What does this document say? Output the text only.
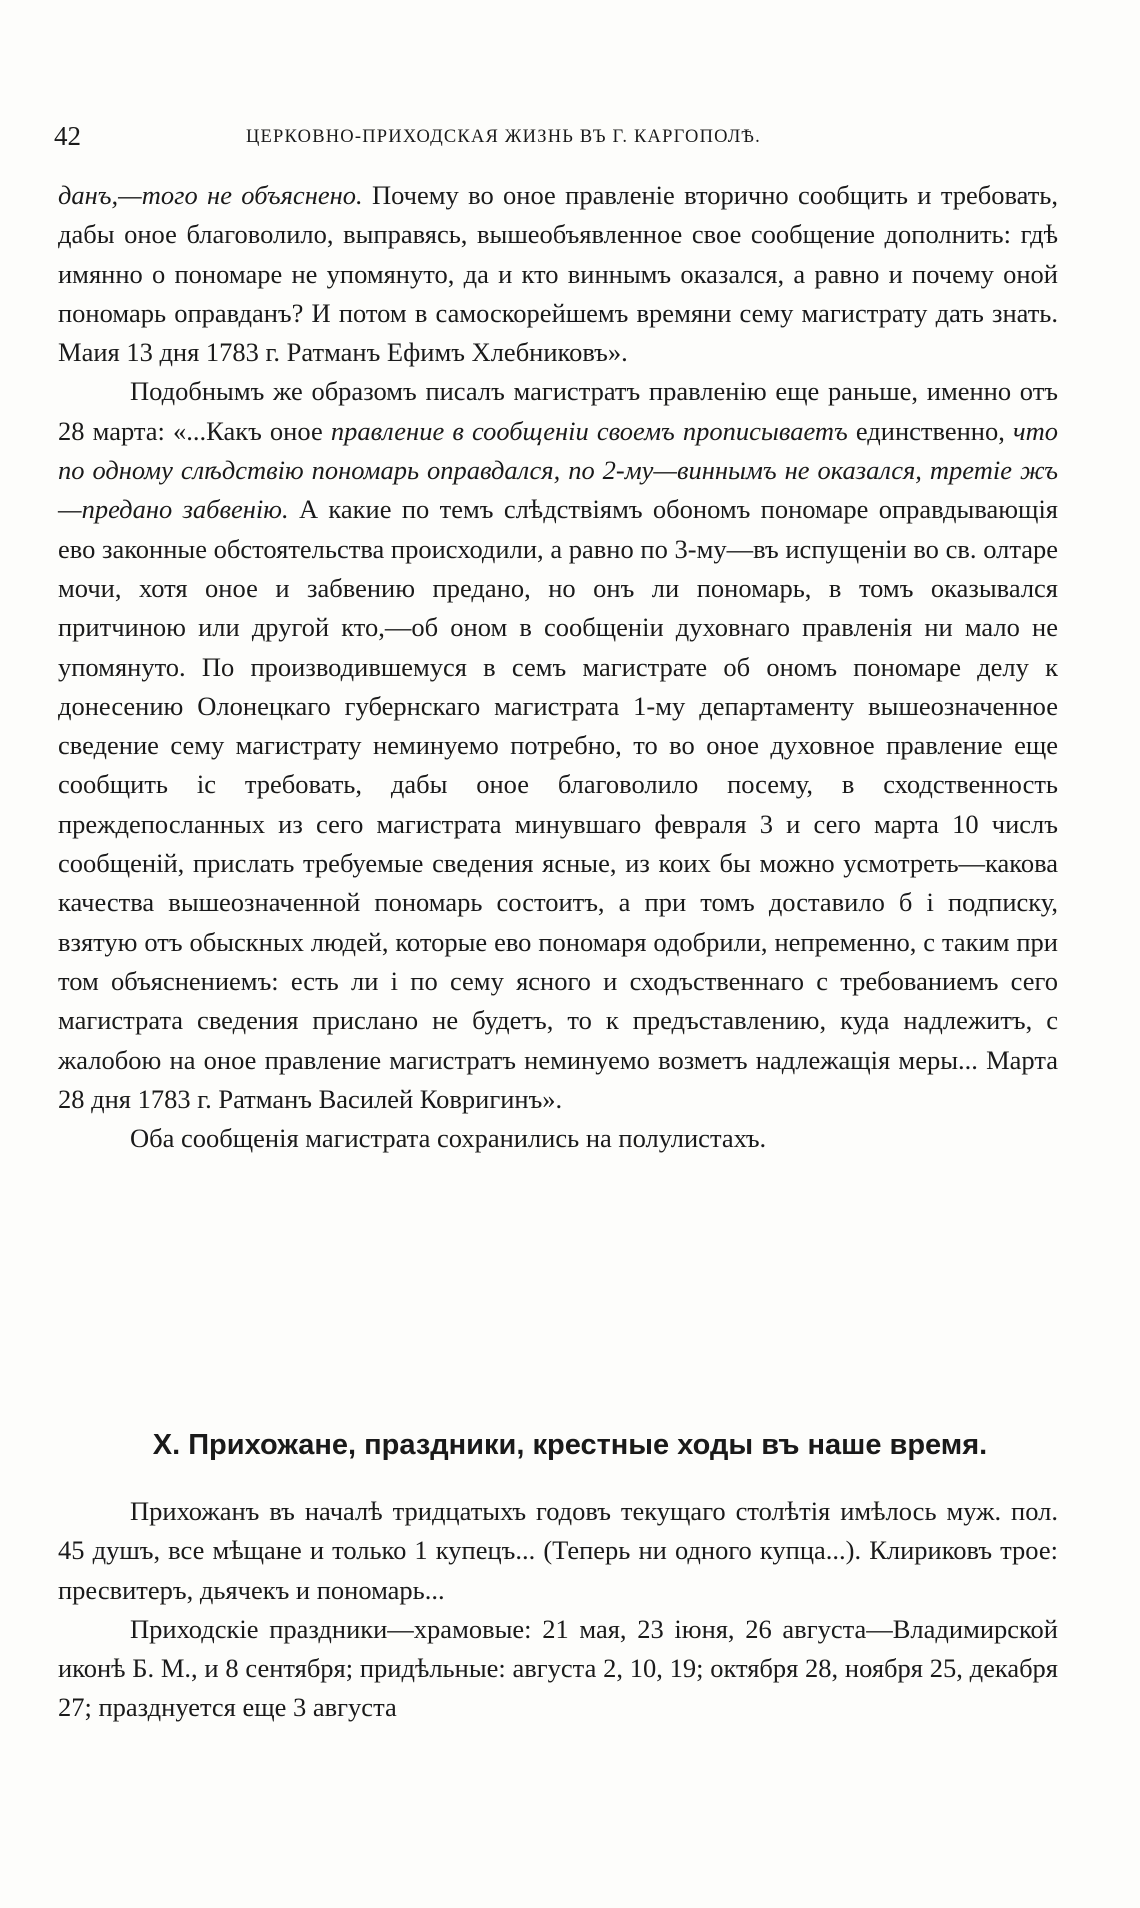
42	ЦЕРКОВНО-ПРИХОДСКАЯ ЖИЗНЬ ВЪ Г. КАРГОПОЛѢ.

данъ,—того не объяснено. Почему во оное правленіе вторично сообщить и требовать, дабы оное благоволило, выправясь, вышеобъявленное свое сообщение дополнить: гдѣ имянно о пономаре не упомянуто, да и кто виннымъ оказался, а равно и почему оной пономарь оправданъ? И потом в самоскорейшемъ времяни сему магистрату дать знать. Маия 13 дня 1783 г. Ратманъ Ефимъ Хлебниковъ».

Подобнымъ же образомъ писалъ магистратъ правленію еще раньше, именно отъ 28 марта: «...Какъ оное правление в сообщеніи своемъ прописываетъ единственно, что по одному слѣдствію пономарь оправдался, по 2-му—виннымъ не оказался, третіе жъ—предано забвенію. А какие по темъ слѣдствіямъ обономъ пономаре оправдывающія ево законные обстоятельства происходили, а равно по 3-му—въ испущеніи во св. олтаре мочи, хотя оное и забвению предано, но онъ ли пономарь, в томъ оказывался притчиною или другой кто,—об оном в сообщеніи духовнаго правленія ни мало не упомянуто. По производившемуся в семъ магистрате об ономъ пономаре делу к донесению Олонецкаго губернскаго магистрата 1-му департаменту вышеозначенное сведение сему магистрату неминуемо потребно, то во оное духовное правление еще сообщить іс требовать, дабы оное благоволило посему, в сходственность преждепосланных из сего магистрата минувшаго февраля 3 и сего марта 10 числъ сообщеній, прислать требуемые сведения ясные, из коих бы можно усмотреть—какова качества вышеозначенной пономарь состоитъ, а при томъ доставило б і подписку, взятую отъ обыскных людей, которые ево пономаря одобрили, непременно, с таким при том объяснениемъ: есть ли і по сему ясного и сходъственнаго с требованиемъ сего магистрата сведения прислано не будетъ, то к предъставлению, куда надлежитъ, с жалобою на оное правление магистратъ неминуемо возметъ надлежащія меры... Марта 28 дня 1783 г. Ратманъ Василей Ковригинъ».

Оба сообщенія магистрата сохранились на полулистахъ.

X. Прихожане, праздники, крестные ходы въ наше время.

Прихожанъ въ началѣ тридцатыхъ годовъ текущаго столѣтія имѣлось муж. пол. 45 душъ, все мѣщане и только 1 купецъ... (Теперь ни одного купца...). Клириковъ трое: пресвитеръ, дьячекъ и пономарь...

Приходскіе праздники—храмовые: 21 мая, 23 іюня, 26 августа—Владимирской иконѣ Б. М., и 8 сентября; придѣльные: августа 2, 10, 19; октября 28, ноября 25, декабря 27; празднуется еще 3 августа
